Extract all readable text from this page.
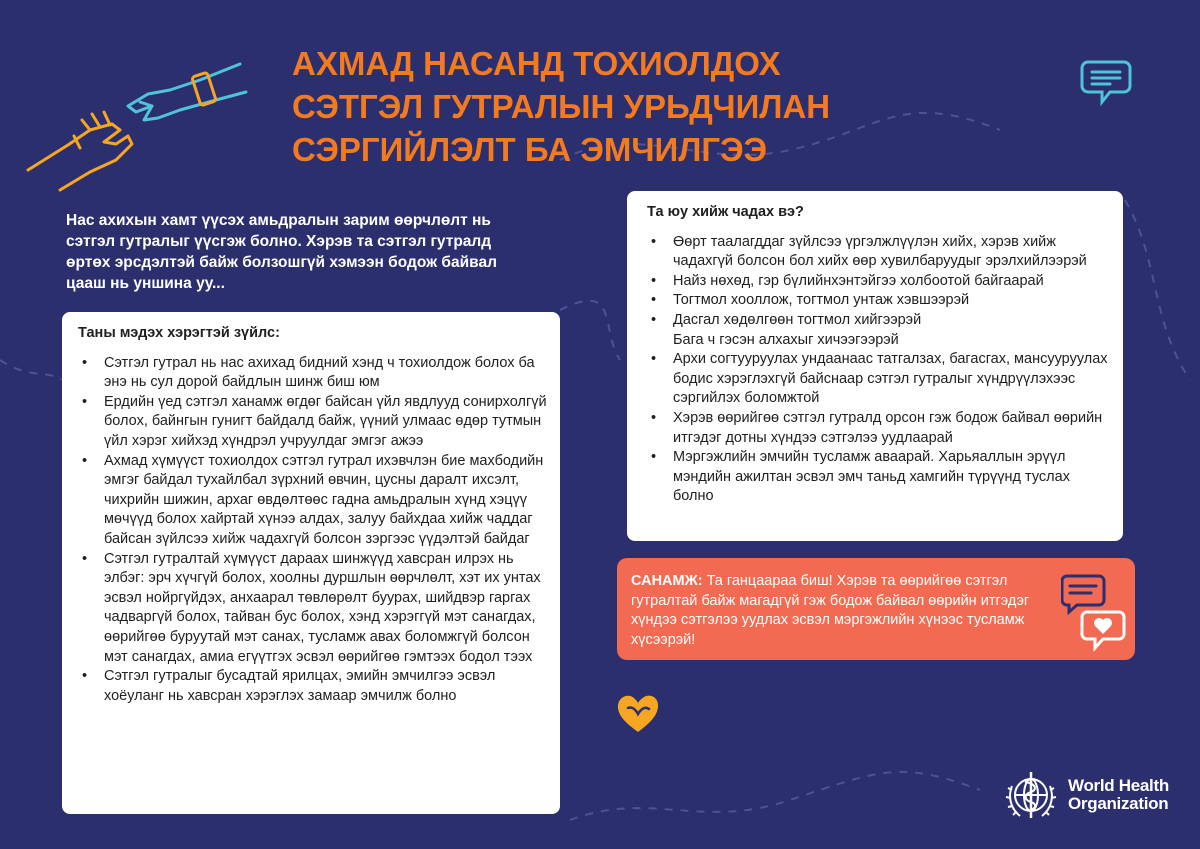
АХМАД НАСАНД ТОХИОЛДОХ
СЭТГЭЛ ГУТРАЛЫН УРЬДЧИЛАН
СЭРГИЙЛЭЛТ БА ЭМЧИЛГЭЭ

Нас ахихын хамт үүсэх амьдралын зарим өөрчлөлт нь сэтгэл гутралыг үүсгэж болно. Хэрэв та сэтгэл гутралд өртөх эрсдэлтэй байж болзошгүй хэмээн бодож байвал цааш нь уншина уу...

Таны мэдэх хэрэгтэй зүйлс:
• Сэтгэл гутрал нь нас ахихад бидний хэнд ч тохиолдож болох ба энэ нь сул дорой байдлын шинж биш юм
• Ердийн үед сэтгэл ханамж өгдөг байсан үйл явдлууд сонирхолгүй болох, байнгын гунигт байдалд байж, үүний улмаас өдөр тутмын үйл хэрэг хийхэд хүндрэл учруулдаг эмгэг ажээ
• Ахмад хүмүүст тохиолдох сэтгэл гутрал ихэвчлэн бие махбодийн эмгэг байдал тухайлбал зүрхний өвчин, цусны даралт ихсэлт, чихрийн шижин, архаг өвдөлтөөс гадна амьдралын хүнд хэцүү мөчүүд болох хайртай хүнээ алдах, залуу байхдаа хийж чаддаг байсан зүйлсээ хийж чадахгүй болсон зэргээс үүдэлтэй байдаг
• Сэтгэл гутралтай хүмүүст дараах шинжүүд хавсран илрэх нь элбэг: эрч хүчгүй болох, хоолны дуршлын өөрчлөлт, хэт их унтах эсвэл нойргүйдэх, анхаарал төвлөрөлт буурах, шийдвэр гаргах чадваргүй болох, тайван бус болох, хэнд хэрэггүй мэт санагдах, өөрийгөө буруутай мэт санах, тусламж авах боломжгүй болсон мэт санагдах, амиа егүүтгэх эсвэл өөрийгөө гэмтээх бодол тээх
• Сэтгэл гутралыг бусадтай ярилцах, эмийн эмчилгээ эсвэл хоёуланг нь хавсран хэрэглэх замаар эмчилж болно
Та юу хийж чадах вэ?
• Өөрт таалагддаг зүйлсээ үргэлжлүүлэн хийх, хэрэв хийж чадахгүй болсон бол хийх өөр хувилбаруудыг эрэлхийлээрэй
• Найз нөхөд, гэр бүлийнхэнтэйгээ холбоотой байгаарай
• Тогтмол хооллож, тогтмол унтаж хэвшээрэй
• Дасгал хөдөлгөөн тогтмол хийгээрэй
Бага ч гэсэн алхахыг хичээгээрэй
• Архи согтууруулах ундаанаас татгалзах, багасгах, мансууруулах бодис хэрэглэхгүй байснаар сэтгэл гутралыг хүндрүүлэхээс сэргийлэх боломжтой
• Хэрэв өөрийгөө сэтгэл гутралд орсон гэж бодож байвал өөрийн итгэдэг дотны хүндээ сэтгэлээ уудлаарай
• Мэргэжлийн эмчийн тусламж аваарай. Харьяаллын эрүүл мэндийн ажилтан эсвэл эмч таньд хамгийн түрүүнд туслах болно
САНАМЖ: Та ганцаараа биш! Хэрэв та өөрийгөө сэтгэл гутралтай байж магадгүй гэж бодож байвал өөрийн итгэдэг хүндээ сэтгэлээ уудлах эсвэл мэргэжлийн хүнээс тусламж хүсээрэй!
World Health
Organization
